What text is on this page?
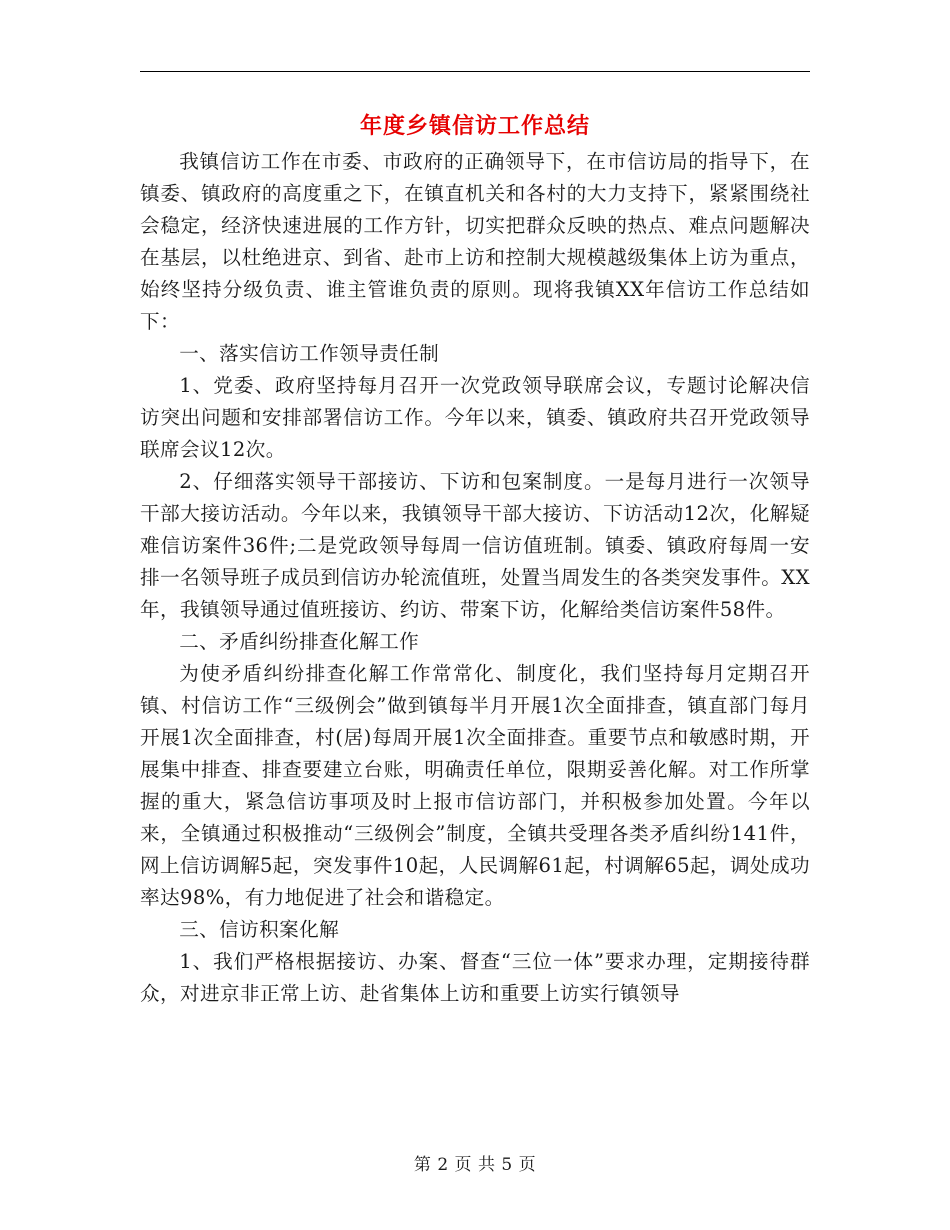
年度乡镇信访工作总结

我镇信访工作在市委、市政府的正确领导下，在市信访局的指导下，在镇委、镇政府的高度重之下，在镇直机关和各村的大力支持下，紧紧围绕社会稳定，经济快速进展的工作方针，切实把群众反映的热点、难点问题解决在基层，以杜绝进京、到省、赴市上访和控制大规模越级集体上访为重点，始终坚持分级负责、谁主管谁负责的原则。现将我镇XX年信访工作总结如下：

一、落实信访工作领导责任制

1、党委、政府坚持每月召开一次党政领导联席会议，专题讨论解决信访突出问题和安排部署信访工作。今年以来，镇委、镇政府共召开党政领导联席会议12次。

2、仔细落实领导干部接访、下访和包案制度。一是每月进行一次领导干部大接访活动。今年以来，我镇领导干部大接访、下访活动12次，化解疑难信访案件36件;二是党政领导每周一信访值班制。镇委、镇政府每周一安排一名领导班子成员到信访办轮流值班，处置当周发生的各类突发事件。XX年，我镇领导通过值班接访、约访、带案下访，化解给类信访案件58件。

二、矛盾纠纷排查化解工作

为使矛盾纠纷排查化解工作常常化、制度化，我们坚持每月定期召开镇、村信访工作“三级例会”做到镇每半月开展1次全面排查，镇直部门每月开展1次全面排查，村(居)每周开展1次全面排查。重要节点和敏感时期，开展集中排查、排查要建立台账，明确责任单位，限期妥善化解。对工作所掌握的重大，紧急信访事项及时上报市信访部门，并积极参加处置。今年以来，全镇通过积极推动“三级例会”制度，全镇共受理各类矛盾纠纷141件，网上信访调解5起，突发事件10起，人民调解61起，村调解65起，调处成功率达98%，有力地促进了社会和谐稳定。

三、信访积案化解

1、我们严格根据接访、办案、督查“三位一体”要求办理，定期接待群众，对进京非正常上访、赴省集体上访和重要上访实行镇领导

第 2 页 共 5 页
